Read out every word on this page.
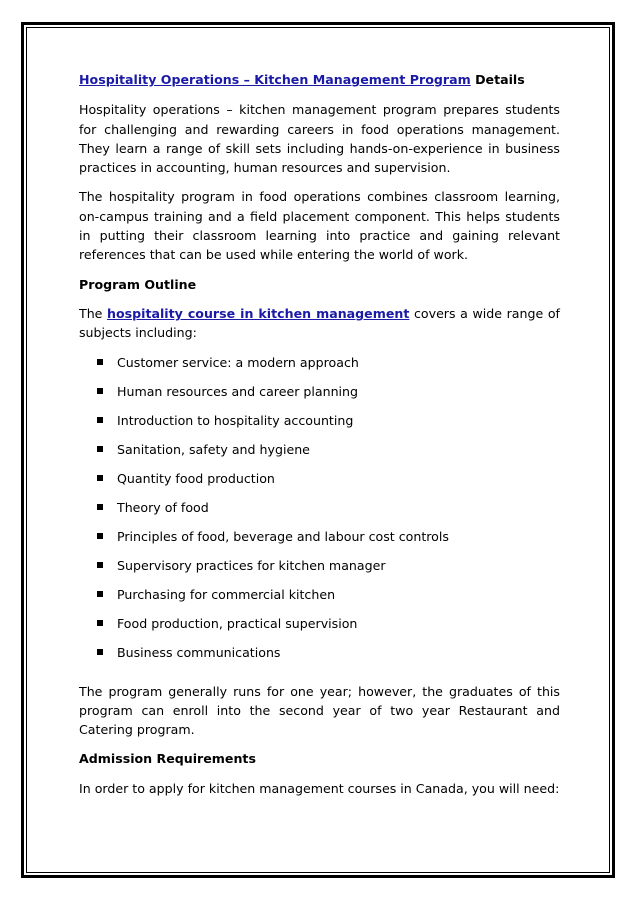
Hospitality Operations – Kitchen Management Program Details

Hospitality operations – kitchen management program prepares students for challenging and rewarding careers in food operations management. They learn a range of skill sets including hands-on-experience in business practices in accounting, human resources and supervision.

The hospitality program in food operations combines classroom learning, on-campus training and a field placement component. This helps students in putting their classroom learning into practice and gaining relevant references that can be used while entering the world of work.

Program Outline

The hospitality course in kitchen management covers a wide range of subjects including:

Customer service: a modern approach
Human resources and career planning
Introduction to hospitality accounting
Sanitation, safety and hygiene
Quantity food production
Theory of food
Principles of food, beverage and labour cost controls
Supervisory practices for kitchen manager
Purchasing for commercial kitchen
Food production, practical supervision
Business communications

The program generally runs for one year; however, the graduates of this program can enroll into the second year of two year Restaurant and Catering program.

Admission Requirements

In order to apply for kitchen management courses in Canada, you will need:
